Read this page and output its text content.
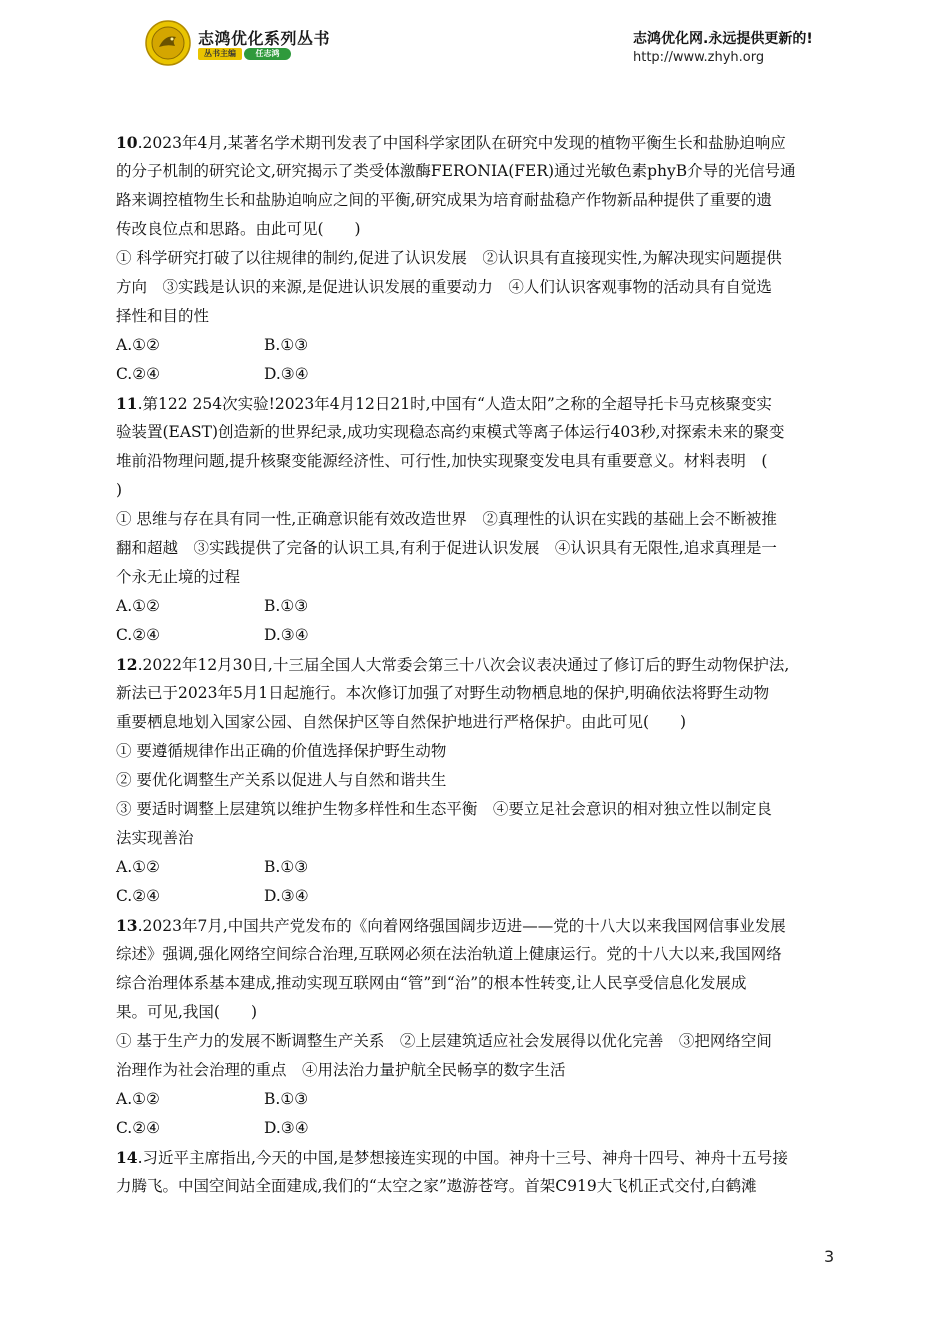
志鸿优化系列丛书
丛书主编	任志鸿
志鸿优化网.永远提供更新的!
http://www.zhyh.org
10.2023年4月,某著名学术期刊发表了中国科学家团队在研究中发现的植物平衡生长和盐胁迫响应
的分子机制的研究论文,研究揭示了类受体激酶FERONIA(FER)通过光敏色素phyB介导的光信号通
路来调控植物生长和盐胁迫响应之间的平衡,研究成果为培育耐盐稳产作物新品种提供了重要的遗
传改良位点和思路。由此可见(　　)
① 科学研究打破了以往规律的制约,促进了认识发展　②认识具有直接现实性,为解决现实问题提供
方向　③实践是认识的来源,是促进认识发展的重要动力　④人们认识客观事物的活动具有自觉选
择性和目的性
A.①②	B.①③
C.②④	D.③④
11.第122 254次实验!2023年4月12日21时,中国有“人造太阳”之称的全超导托卡马克核聚变实
验装置(EAST)创造新的世界纪录,成功实现稳态高约束模式等离子体运行403秒,对探索未来的聚变
堆前沿物理问题,提升核聚变能源经济性、可行性,加快实现聚变发电具有重要意义。材料表明　(
)
① 思维与存在具有同一性,正确意识能有效改造世界　②真理性的认识在实践的基础上会不断被推
翻和超越　③实践提供了完备的认识工具,有利于促进认识发展　④认识具有无限性,追求真理是一
个永无止境的过程
A.①②	B.①③
C.②④	D.③④
12.2022年12月30日,十三届全国人大常委会第三十八次会议表决通过了修订后的野生动物保护法,
新法已于2023年5月1日起施行。本次修订加强了对野生动物栖息地的保护,明确依法将野生动物
重要栖息地划入国家公园、自然保护区等自然保护地进行严格保护。由此可见(　　)
① 要遵循规律作出正确的价值选择保护野生动物
② 要优化调整生产关系以促进人与自然和谐共生
③ 要适时调整上层建筑以维护生物多样性和生态平衡　④要立足社会意识的相对独立性以制定良
法实现善治
A.①②	B.①③
C.②④	D.③④
13.2023年7月,中国共产党发布的《向着网络强国阔步迈进——党的十八大以来我国网信事业发展
综述》强调,强化网络空间综合治理,互联网必须在法治轨道上健康运行。党的十八大以来,我国网络
综合治理体系基本建成,推动实现互联网由“管”到“治”的根本性转变,让人民享受信息化发展成
果。可见,我国(　　)
① 基于生产力的发展不断调整生产关系　②上层建筑适应社会发展得以优化完善　③把网络空间
治理作为社会治理的重点　④用法治力量护航全民畅享的数字生活
A.①②	B.①③
C.②④	D.③④
14.习近平主席指出,今天的中国,是梦想接连实现的中国。神舟十三号、神舟十四号、神舟十五号接
力腾飞。中国空间站全面建成,我们的“太空之家”遨游苍穹。首架C919大飞机正式交付,白鹤滩
3
